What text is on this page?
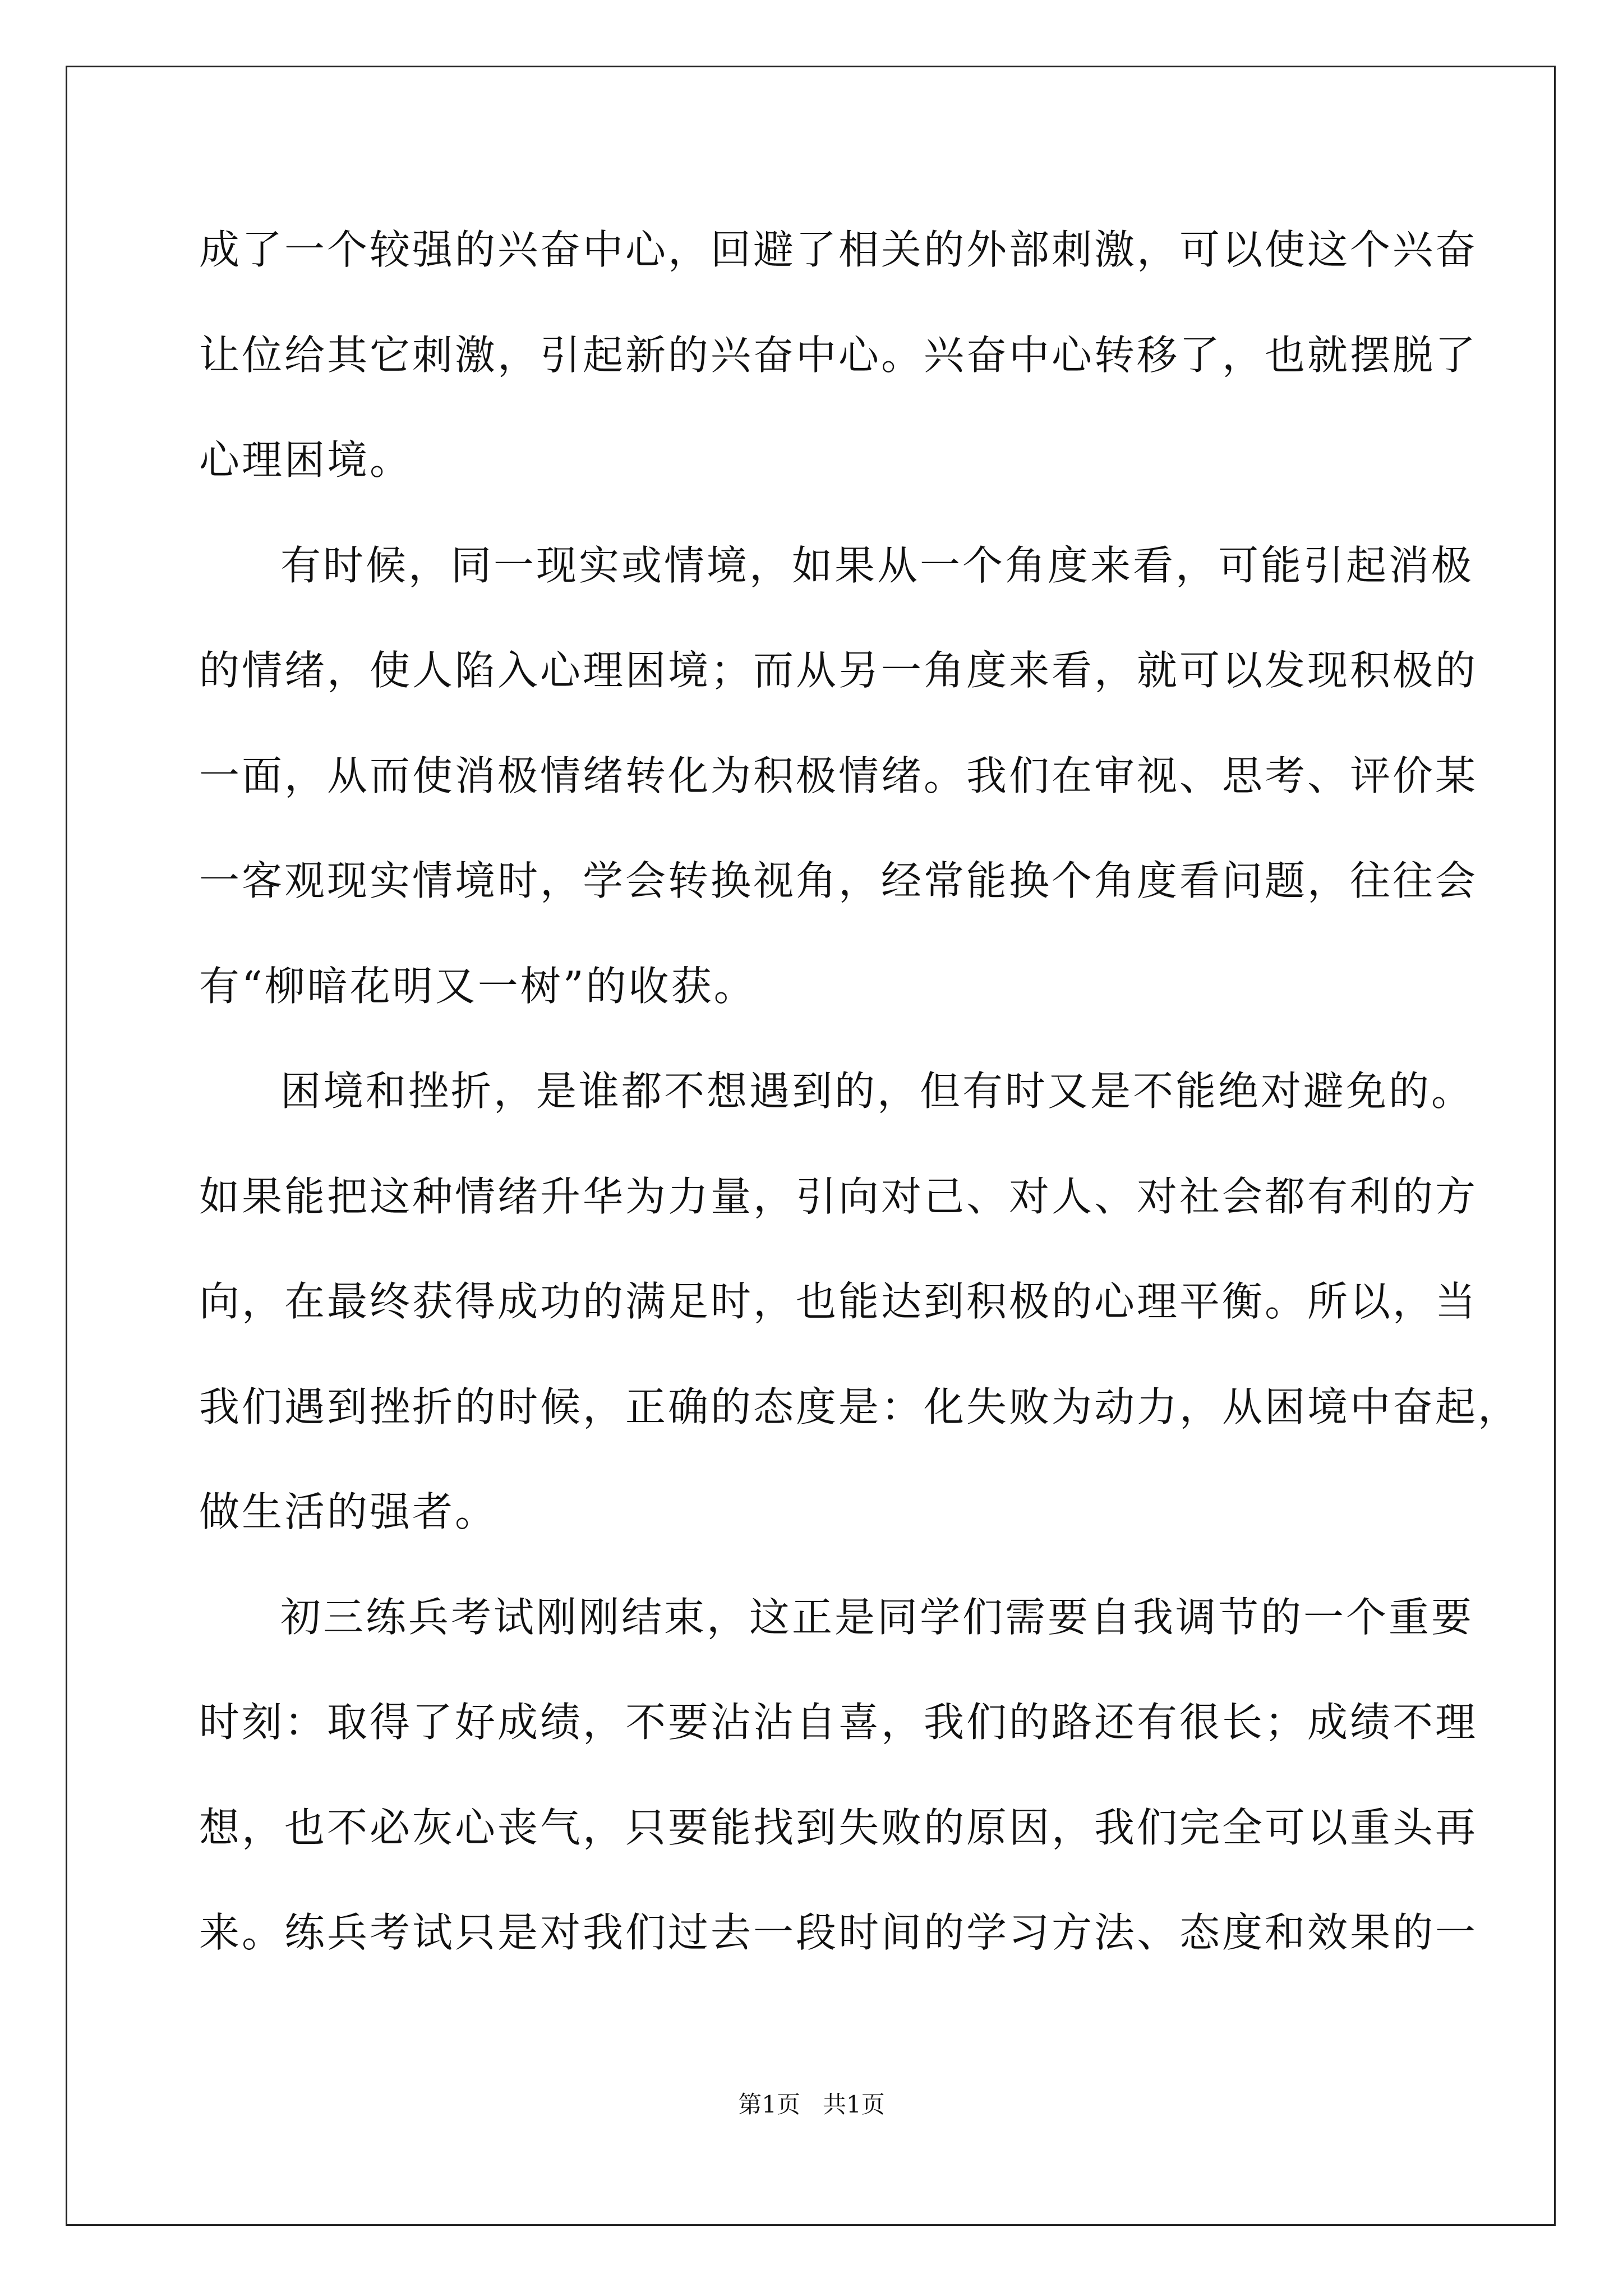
成了一个较强的兴奋中心，回避了相关的外部刺激，可以使这个兴奋
让位给其它刺激，引起新的兴奋中心。兴奋中心转移了，也就摆脱了
心理困境。
有时候，同一现实或情境，如果从一个角度来看，可能引起消极
的情绪，使人陷入心理困境；而从另一角度来看，就可以发现积极的
一面，从而使消极情绪转化为积极情绪。我们在审视、思考、评价某
一客观现实情境时，学会转换视角，经常能换个角度看问题，往往会
有“柳暗花明又一树”的收获。
困境和挫折，是谁都不想遇到的，但有时又是不能绝对避免的。
如果能把这种情绪升华为力量，引向对己、对人、对社会都有利的方
向，在最终获得成功的满足时，也能达到积极的心理平衡。所以，当
我们遇到挫折的时候，正确的态度是：化失败为动力，从困境中奋起，
做生活的强者。
初三练兵考试刚刚结束，这正是同学们需要自我调节的一个重要
时刻：取得了好成绩，不要沾沾自喜，我们的路还有很长；成绩不理
想，也不必灰心丧气，只要能找到失败的原因，我们完全可以重头再
来。练兵考试只是对我们过去一段时间的学习方法、态度和效果的一
第1页   共1页
